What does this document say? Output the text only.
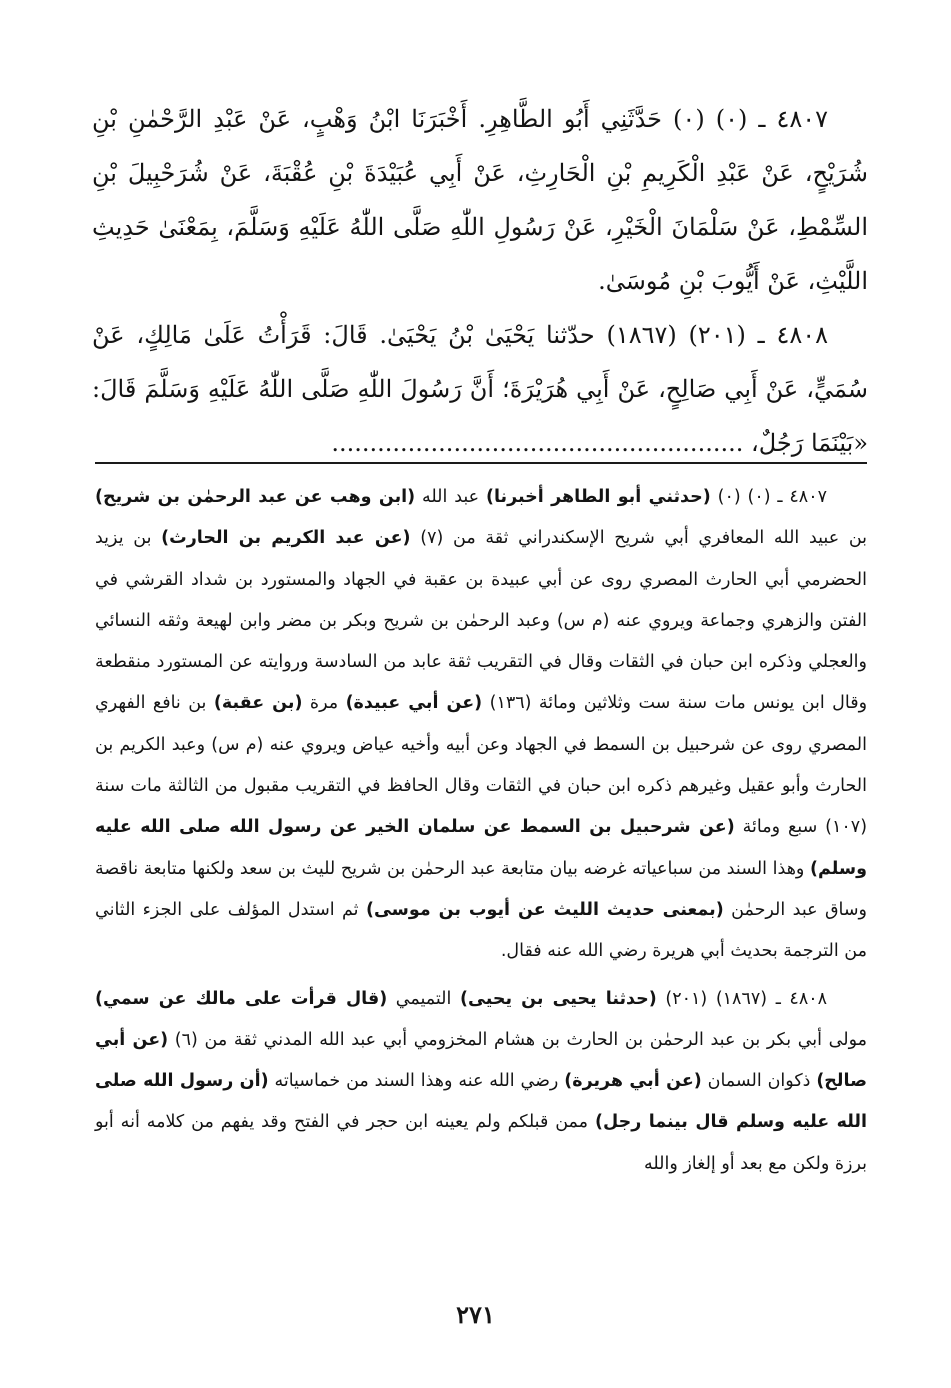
٤٨٠٧ ـ (٠) (٠) حَدَّثَنِي أَبُو الطَّاهِرِ. أَخْبَرَنَا ابْنُ وَهْبٍ، عَنْ عَبْدِ الرَّحْمٰنِ بْنِ شُرَيْحٍ، عَنْ عَبْدِ الْكَرِيمِ بْنِ الْحَارِثِ، عَنْ أَبِي عُبَيْدَةَ بْنِ عُقْبَةَ، عَنْ شُرَحْبِيلَ بْنِ السِّمْطِ، عَنْ سَلْمَانَ الْخَيْرِ، عَنْ رَسُولِ اللّٰهِ صَلَّى اللّٰهُ عَلَيْهِ وَسَلَّمَ، بِمَعْنَىٰ حَدِيثِ اللَّيْثِ، عَنْ أَيُّوبَ بْنِ مُوسَىٰ.

٤٨٠٨ ـ (٢٠١) (١٨٦٧) حدّثنا يَحْيَىٰ بْنُ يَحْيَىٰ. قَالَ: قَرَأْتُ عَلَىٰ مَالِكٍ، عَنْ سُمَيٍّ، عَنْ أَبِي صَالِحٍ، عَنْ أَبِي هُرَيْرَةَ؛ أَنَّ رَسُولَ اللّٰهِ صَلَّى اللّٰهُ عَلَيْهِ وَسَلَّمَ قَالَ: «بَيْنَمَا رَجُلٌ، ......................................................

٤٨٠٧ ـ (٠) (٠) (حدثني أبو الطاهر أخبرنا) عبد الله (ابن وهب عن عبد الرحمٰن بن شريح) بن عبيد الله المعافري أبي شريح الإسكندراني ثقة من (٧) (عن عبد الكريم بن الحارث) بن يزيد الحضرمي أبي الحارث المصري روى عن أبي عبيدة بن عقبة في الجهاد والمستورد بن شداد القرشي في الفتن والزهري وجماعة ويروي عنه (م س) وعبد الرحمٰن بن شريح وبكر بن مضر وابن لهيعة وثقه النسائي والعجلي وذكره ابن حبان في الثقات وقال في التقريب ثقة عابد من السادسة وروايته عن المستورد منقطعة وقال ابن يونس مات سنة ست وثلاثين ومائة (١٣٦) (عن أبي عبيدة) مرة (بن عقبة) بن نافع الفهري المصري روى عن شرحبيل بن السمط في الجهاد وعن أبيه وأخيه عياض ويروي عنه (م س) وعبد الكريم بن الحارث وأبو عقيل وغيرهم ذكره ابن حبان في الثقات وقال الحافظ في التقريب مقبول من الثالثة مات سنة (١٠٧) سبع ومائة (عن شرحبيل بن السمط عن سلمان الخير عن رسول الله صلى الله عليه وسلم) وهذا السند من سباعياته غرضه بيان متابعة عبد الرحمٰن بن شريح لليث بن سعد ولكنها متابعة ناقصة وساق عبد الرحمٰن (بمعنى حديث الليث عن أيوب بن موسى) ثم استدل المؤلف على الجزء الثاني من الترجمة بحديث أبي هريرة رضي الله عنه فقال.

٤٨٠٨ ـ (١٨٦٧) (٢٠١) (حدثنا يحيى بن يحيى) التميمي (قال قرأت على مالك عن سمي) مولى أبي بكر بن عبد الرحمٰن بن الحارث بن هشام المخزومي أبي عبد الله المدني ثقة من (٦) (عن أبي صالح) ذكوان السمان (عن أبي هريرة) رضي الله عنه وهذا السند من خماسياته (أن رسول الله صلى الله عليه وسلم قال بينما رجل) ممن قبلكم ولم يعينه ابن حجر في الفتح وقد يفهم من كلامه أنه أبو برزة ولكن مع بعد أو إلغاز والله

٢٧١
